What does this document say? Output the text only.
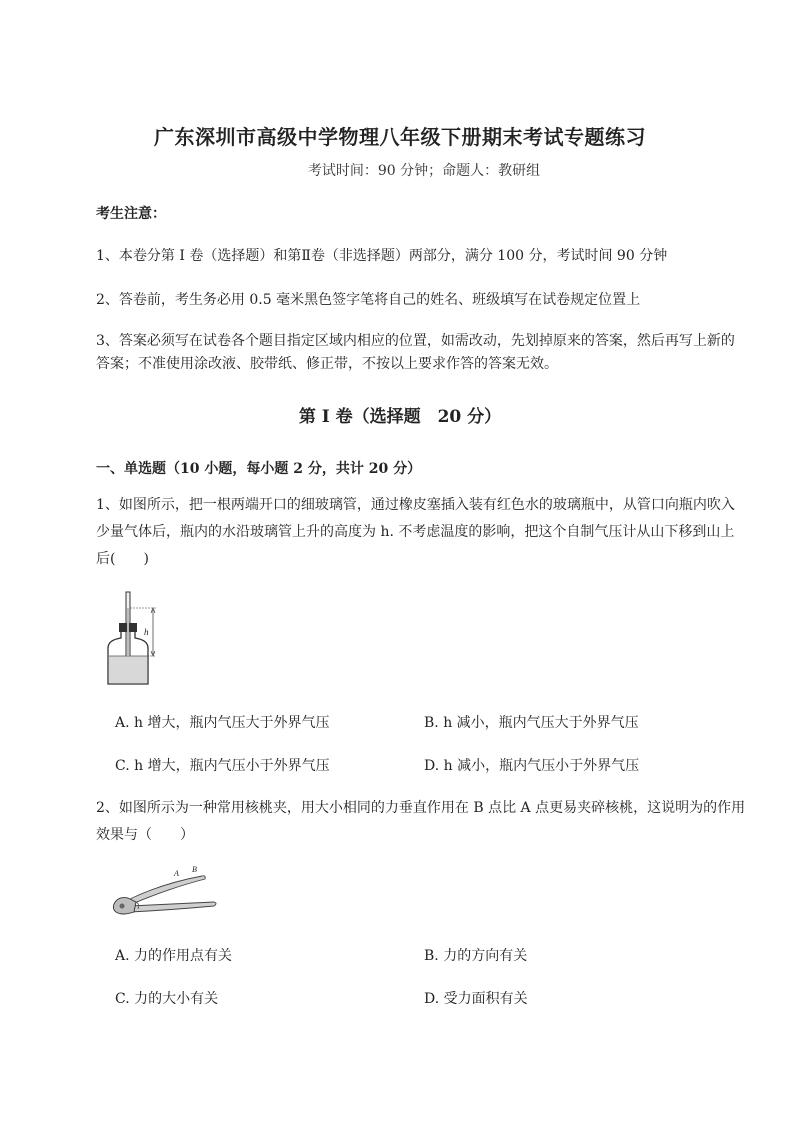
广东深圳市高级中学物理八年级下册期末考试专题练习
考试时间：90 分钟；命题人：教研组
考生注意：
1、本卷分第 I 卷（选择题）和第Ⅱ卷（非选择题）两部分，满分 100 分，考试时间 90 分钟
2、答卷前，考生务必用 0.5 毫米黑色签字笔将自己的姓名、班级填写在试卷规定位置上
3、答案必须写在试卷各个题目指定区域内相应的位置，如需改动，先划掉原来的答案，然后再写上新的答案；不准使用涂改液、胶带纸、修正带，不按以上要求作答的答案无效。
第 I 卷（选择题　20 分）
一、单选题（10 小题，每小题 2 分，共计 20 分）
1、如图所示，把一根两端开口的细玻璃管，通过橡皮塞插入装有红色水的玻璃瓶中，从管口向瓶内吹入少量气体后，瓶内的水沿玻璃管上升的高度为 h. 不考虑温度的影响，把这个自制气压计从山下移到山上后(　　)
h
A. h 增大，瓶内气压大于外界气压	B. h 减小，瓶内气压大于外界气压
C. h 增大，瓶内气压小于外界气压	D. h 减小，瓶内气压小于外界气压
2、如图所示为一种常用核桃夹，用大小相同的力垂直作用在 B 点比 A 点更易夹碎核桃，这说明为的作用效果与（　　）
A B
A. 力的作用点有关	B. 力的方向有关
C. 力的大小有关	D. 受力面积有关
